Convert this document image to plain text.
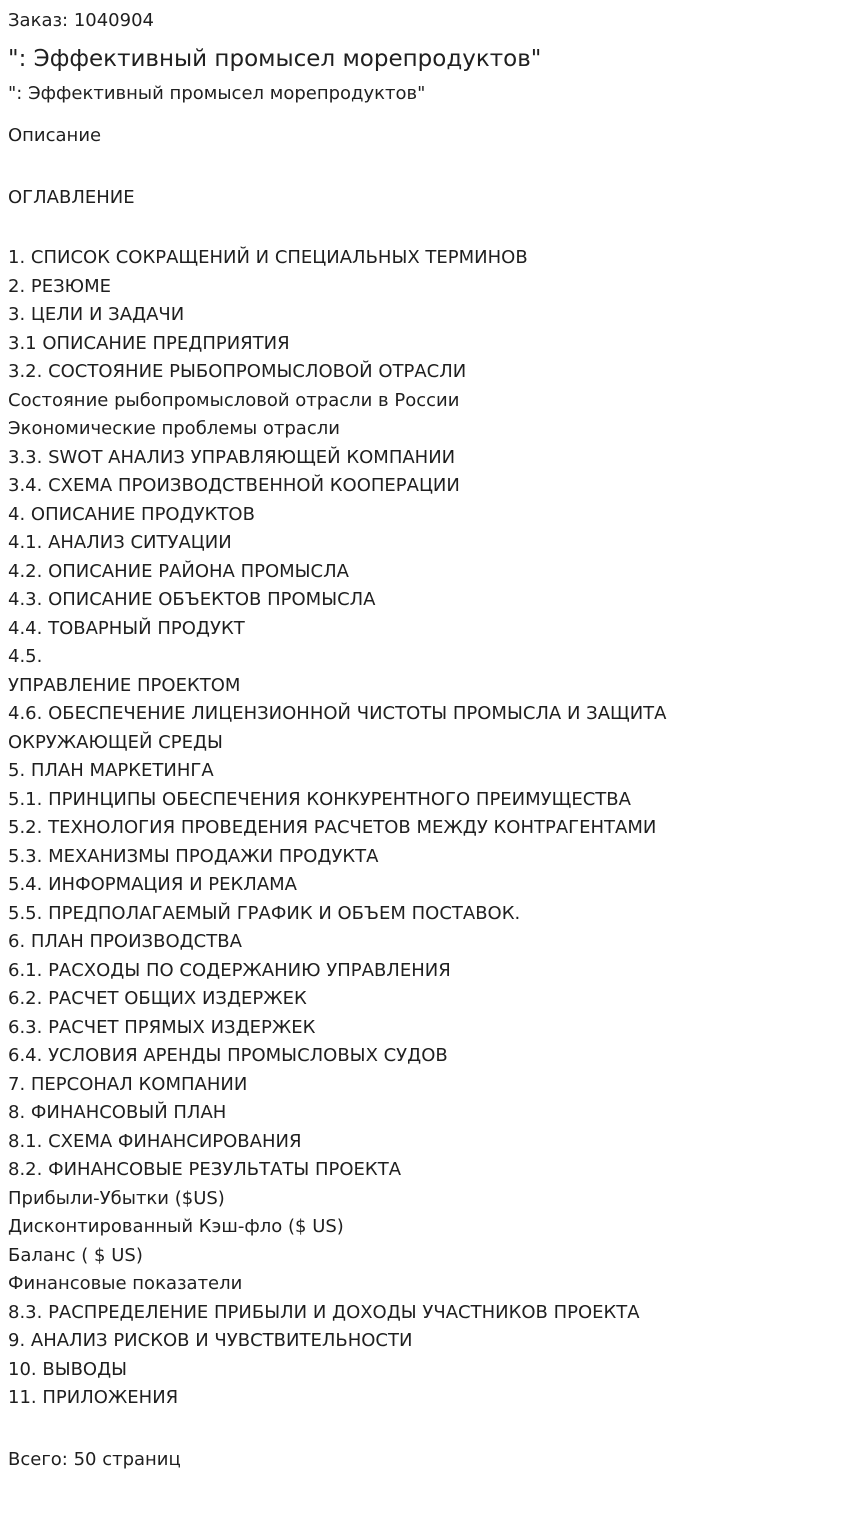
Заказ: 1040904

": Эффективный промысел морепродуктов"

": Эффективный промысел морепродуктов"

Описание

ОГЛАВЛЕНИЕ

1. СПИСОК СОКРАЩЕНИЙ И СПЕЦИАЛЬНЫХ ТЕРМИНОВ
2. РЕЗЮМЕ
3. ЦЕЛИ И ЗАДАЧИ
3.1 ОПИСАНИЕ ПРЕДПРИЯТИЯ
3.2. СОСТОЯНИЕ РЫБОПРОМЫСЛОВОЙ ОТРАСЛИ
Состояние рыбопромысловой отрасли в России
Экономические проблемы отрасли
3.3. SWOT АНАЛИЗ УПРАВЛЯЮЩЕЙ КОМПАНИИ
3.4. СХЕМА ПРОИЗВОДСТВЕННОЙ КООПЕРАЦИИ
4. ОПИСАНИЕ ПРОДУКТОВ
4.1. АНАЛИЗ СИТУАЦИИ
4.2. ОПИСАНИЕ РАЙОНА ПРОМЫСЛА
4.3. ОПИСАНИЕ ОБЪЕКТОВ ПРОМЫСЛА
4.4. ТОВАРНЫЙ ПРОДУКТ
4.5.
УПРАВЛЕНИЕ ПРОЕКТОМ
4.6. ОБЕСПЕЧЕНИЕ ЛИЦЕНЗИОННОЙ ЧИСТОТЫ ПРОМЫСЛА И ЗАЩИТА ОКРУЖАЮЩЕЙ СРЕДЫ
5. ПЛАН МАРКЕТИНГА
5.1. ПРИНЦИПЫ ОБЕСПЕЧЕНИЯ КОНКУРЕНТНОГО ПРЕИМУЩЕСТВА
5.2. ТЕХНОЛОГИЯ ПРОВЕДЕНИЯ РАСЧЕТОВ МЕЖДУ КОНТРАГЕНТАМИ
5.3. МЕХАНИЗМЫ ПРОДАЖИ ПРОДУКТА
5.4. ИНФОРМАЦИЯ И РЕКЛАМА
5.5. ПРЕДПОЛАГАЕМЫЙ ГРАФИК И ОБЪЕМ ПОСТАВОК.
6. ПЛАН ПРОИЗВОДСТВА
6.1. РАСХОДЫ ПО СОДЕРЖАНИЮ УПРАВЛЕНИЯ
6.2. РАСЧЕТ ОБЩИХ ИЗДЕРЖЕК
6.3. РАСЧЕТ ПРЯМЫХ ИЗДЕРЖЕК
6.4. УСЛОВИЯ АРЕНДЫ ПРОМЫСЛОВЫХ СУДОВ
7. ПЕРСОНАЛ КОМПАНИИ
8. ФИНАНСОВЫЙ ПЛАН
8.1. СХЕМА ФИНАНСИРОВАНИЯ
8.2. ФИНАНСОВЫЕ РЕЗУЛЬТАТЫ ПРОЕКТА
Прибыли-Убытки ($US)
Дисконтированный Кэш-фло ($ US)
Баланс ( $ US)
Финансовые показатели
8.3. РАСПРЕДЕЛЕНИЕ ПРИБЫЛИ И ДОХОДЫ УЧАСТНИКОВ ПРОЕКТА
9. АНАЛИЗ РИСКОВ И ЧУВСТВИТЕЛЬНОСТИ
10. ВЫВОДЫ
11. ПРИЛОЖЕНИЯ

Всего: 50 страниц
